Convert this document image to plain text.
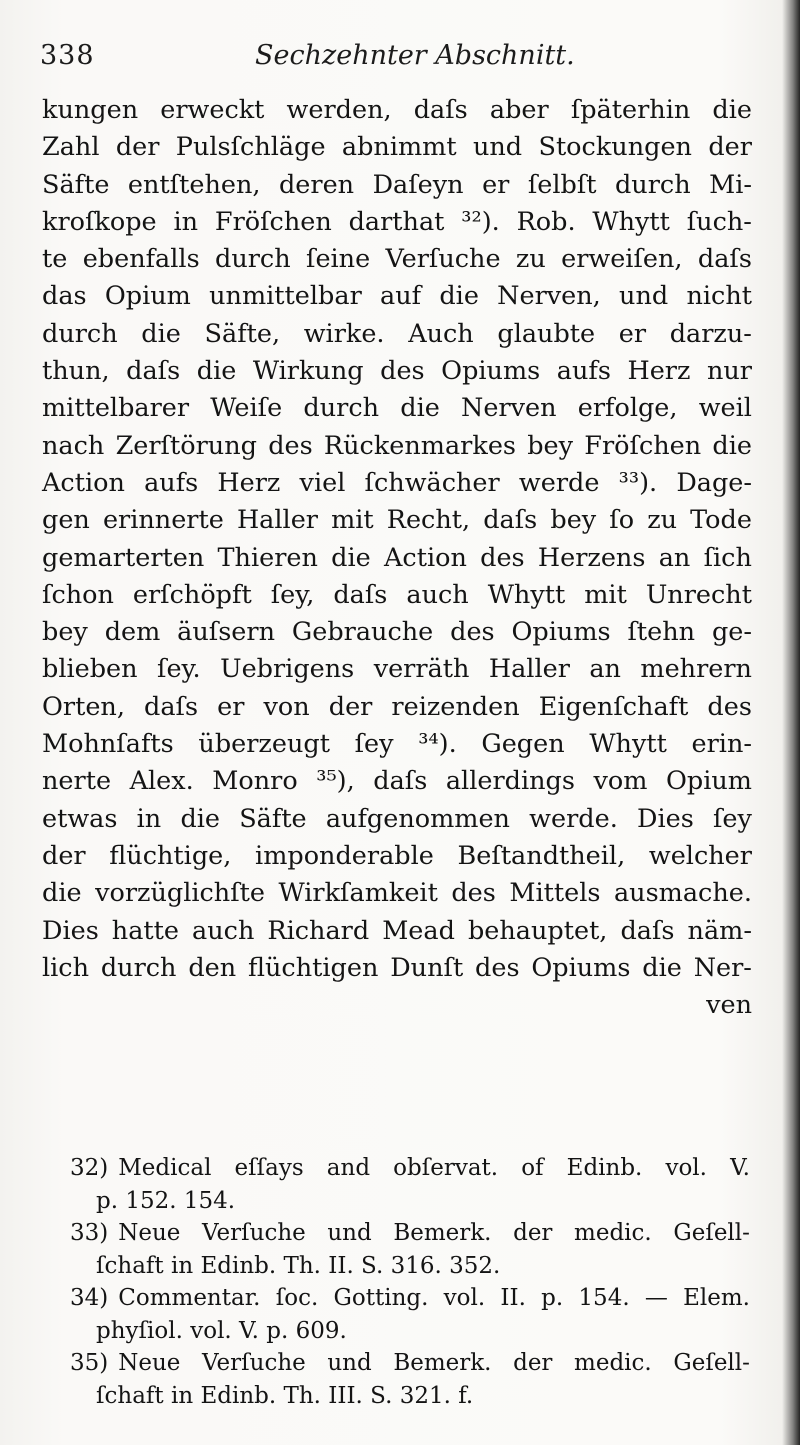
338	Sechzehnter Abschnitt.
kungen erweckt werden, daſs aber ſpäterhin die
Zahl der Pulsſchläge abnimmt und Stockungen der
Säfte entſtehen, deren Daſeyn er ſelbſt durch Mi-
kroſkope in Fröſchen darthat ³²). Rob. Whytt ſuch-
te ebenfalls durch ſeine Verſuche zu erweiſen, daſs
das Opium unmittelbar auf die Nerven, und nicht
durch die Säfte, wirke. Auch glaubte er darzu-
thun, daſs die Wirkung des Opiums aufs Herz nur
mittelbarer Weiſe durch die Nerven erfolge, weil
nach Zerſtörung des Rückenmarkes bey Fröſchen die
Action aufs Herz viel ſchwächer werde ³³). Dage-
gen erinnerte Haller mit Recht, daſs bey ſo zu Tode
gemarterten Thieren die Action des Herzens an ſich
ſchon erſchöpft ſey, daſs auch Whytt mit Unrecht
bey dem äuſsern Gebrauche des Opiums ſtehn ge-
blieben ſey. Uebrigens verräth Haller an mehrern
Orten, daſs er von der reizenden Eigenſchaft des
Mohnſafts überzeugt ſey ³⁴). Gegen Whytt erin-
nerte Alex. Monro ³⁵), daſs allerdings vom Opium
etwas in die Säfte aufgenommen werde. Dies ſey
der flüchtige, imponderable Beſtandtheil, welcher
die vorzüglichſte Wirkſamkeit des Mittels ausmache.
Dies hatte auch Richard Mead behauptet, daſs näm-
lich durch den flüchtigen Dunſt des Opiums die Ner-
ven
32) Medical eſſays and obſervat. of Edinb. vol. V.
p. 152. 154.
33) Neue Verſuche und Bemerk. der medic. Geſell-
ſchaft in Edinb. Th. II. S. 316. 352.
34) Commentar. ſoc. Gotting. vol. II. p. 154. — Elem.
phyſiol. vol. V. p. 609.
35) Neue Verſuche und Bemerk. der medic. Geſell-
ſchaft in Edinb. Th. III. S. 321. f.
